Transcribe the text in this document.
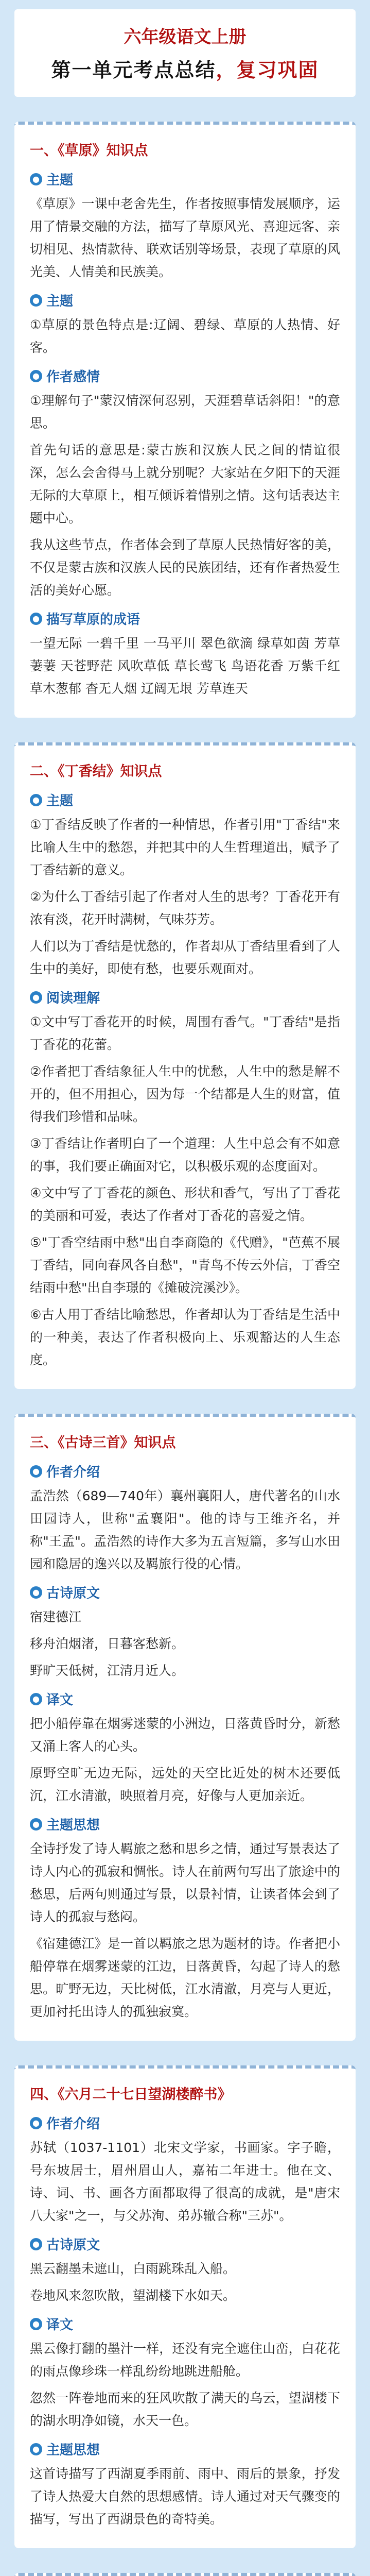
六年级语文上册
第一单元考点总结，复习巩固
一、《草原》知识点
● 主题

《草原》一课中老舍先生，作者按照事情发展顺序，运用了情景交融的方法，描写了草原风光、喜迎远客、亲切相见、热情款待、联欢话别等场景，表现了草原的风光美、人情美和民族美。

● 主题

①草原的景色特点是:辽阔、碧绿、草原的人热情、好客。

● 作者感情

①理解句子"蒙汉情深何忍别，天涯碧草话斜阳！"的意思。

首先句话的意思是:蒙古族和汉族人民之间的情谊很深，怎么会舍得马上就分别呢？大家站在夕阳下的天涯无际的大草原上，相互倾诉着惜别之情。这句话表达主题中心。

我从这些节点，作者体会到了草原人民热情好客的美，不仅是蒙古族和汉族人民的民族团结，还有作者热爱生活的美好心愿。

● 描写草原的成语

一望无际 一碧千里 一马平川 翠色欲滴 绿草如茵 芳草萋萋 天苍野茫 风吹草低 草长莺飞 鸟语花香 万紫千红 草木葱郁 杳无人烟 辽阔无垠 芳草连天

二、《丁香结》知识点
● 主题

①丁香结反映了作者的一种情思，作者引用"丁香结"来比喻人生中的愁怨，并把其中的人生哲理道出，赋予了丁香结新的意义。

②为什么丁香结引起了作者对人生的思考？丁香花开有浓有淡，花开时满树，气味芬芳。

人们以为丁香结是忧愁的，作者却从丁香结里看到了人生中的美好，即使有愁，也要乐观面对。

● 阅读理解

①文中写丁香花开的时候，周围有香气。"丁香结"是指丁香花的花蕾。

②作者把丁香结象征人生中的忧愁，人生中的愁是解不开的，但不用担心，因为每一个结都是人生的财富，值得我们珍惜和品味。

③丁香结让作者明白了一个道理：人生中总会有不如意的事，我们要正确面对它，以积极乐观的态度面对。

④文中写了丁香花的颜色、形状和香气，写出了丁香花的美丽和可爱，表达了作者对丁香花的喜爱之情。

⑤"丁香空结雨中愁"出自李商隐的《代赠》，"芭蕉不展丁香结，同向春风各自愁"，"青鸟不传云外信，丁香空结雨中愁"出自李璟的《摊破浣溪沙》。

⑥古人用丁香结比喻愁思，作者却认为丁香结是生活中的一种美，表达了作者积极向上、乐观豁达的人生态度。

三、《古诗三首》知识点
● 作者介绍

孟浩然（689—740年）襄州襄阳人，唐代著名的山水田园诗人，世称"孟襄阳"。他的诗与王维齐名，并称"王孟"。孟浩然的诗作大多为五言短篇，多写山水田园和隐居的逸兴以及羁旅行役的心情。

● 古诗原文

宿建德江

移舟泊烟渚，日暮客愁新。

野旷天低树，江清月近人。

● 译文

把小船停靠在烟雾迷蒙的小洲边，日落黄昏时分，新愁又涌上客人的心头。

原野空旷无边无际，远处的天空比近处的树木还要低沉，江水清澈，映照着月亮，好像与人更加亲近。

● 主题思想

全诗抒发了诗人羁旅之愁和思乡之情，通过写景表达了诗人内心的孤寂和惆怅。诗人在前两句写出了旅途中的愁思，后两句则通过写景，以景衬情，让读者体会到了诗人的孤寂与愁闷。

《宿建德江》是一首以羁旅之思为题材的诗。作者把小船停靠在烟雾迷蒙的江边，日落黄昏，勾起了诗人的愁思。旷野无边，天比树低，江水清澈，月亮与人更近，更加衬托出诗人的孤独寂寞。

四、《六月二十七日望湖楼醉书》
● 作者介绍

苏轼（1037-1101）北宋文学家，书画家。字子瞻，号东坡居士，眉州眉山人，嘉祐二年进士。他在文、诗、词、书、画各方面都取得了很高的成就，是"唐宋八大家"之一，与父苏洵、弟苏辙合称"三苏"。

● 古诗原文

黑云翻墨未遮山，白雨跳珠乱入船。

卷地风来忽吹散，望湖楼下水如天。

● 译文

黑云像打翻的墨汁一样，还没有完全遮住山峦，白花花的雨点像珍珠一样乱纷纷地跳进船舱。

忽然一阵卷地而来的狂风吹散了满天的乌云，望湖楼下的湖水明净如镜，水天一色。

● 主题思想

这首诗描写了西湖夏季雨前、雨中、雨后的景象，抒发了诗人热爱大自然的思想感情。诗人通过对天气骤变的描写，写出了西湖景色的奇特美。
